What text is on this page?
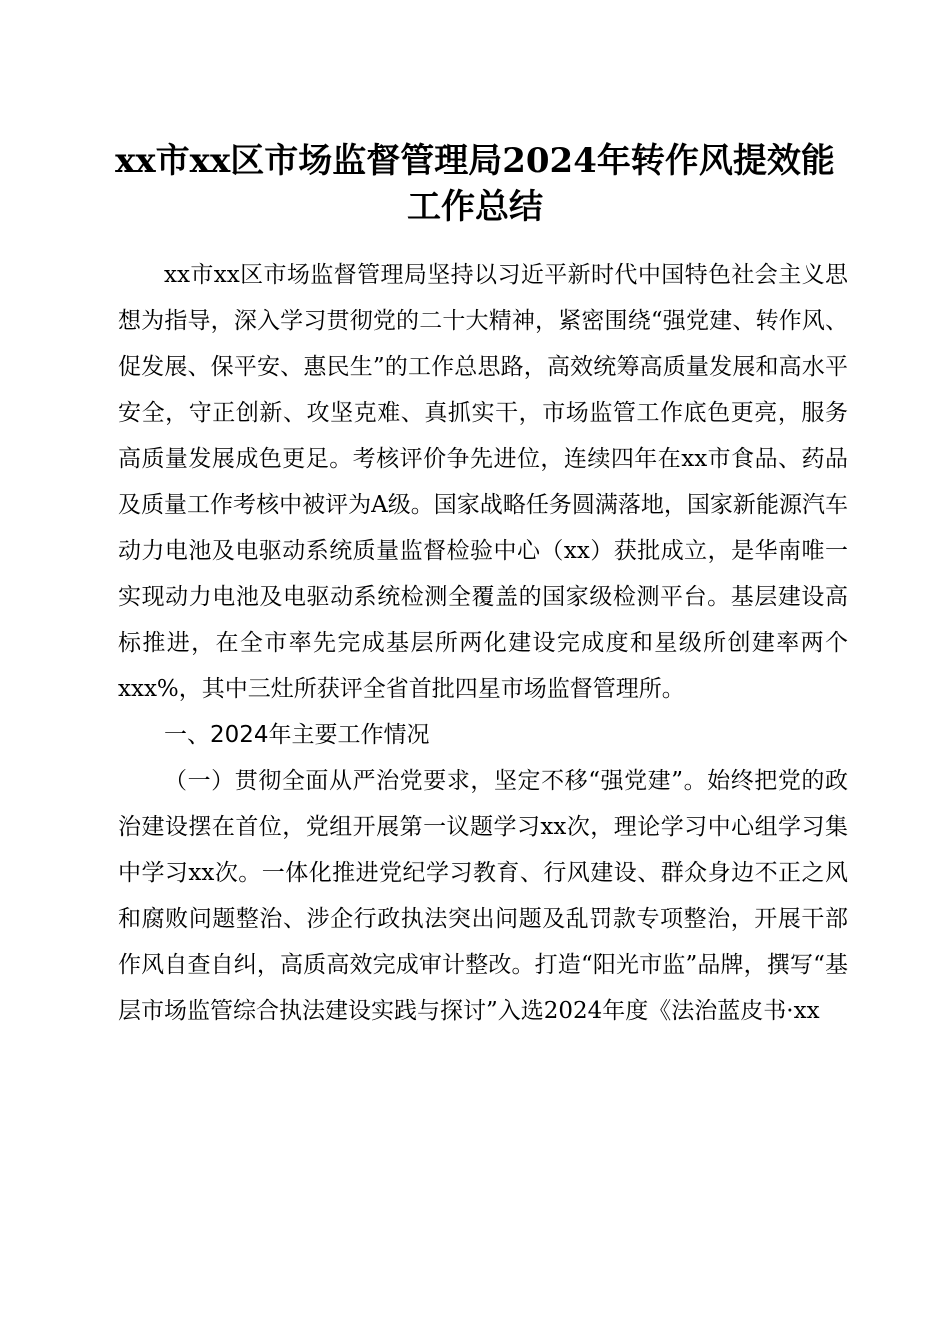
xx市xx区市场监督管理局2024年转作风提效能工作总结

xx市xx区市场监督管理局坚持以习近平新时代中国特色社会主义思想为指导，深入学习贯彻党的二十大精神，紧密围绕“强党建、转作风、促发展、保平安、惠民生”的工作总思路，高效统筹高质量发展和高水平安全，守正创新、攻坚克难、真抓实干，市场监管工作底色更亮，服务高质量发展成色更足。考核评价争先进位，连续四年在xx市食品、药品及质量工作考核中被评为A级。国家战略任务圆满落地，国家新能源汽车动力电池及电驱动系统质量监督检验中心（xx）获批成立，是华南唯一实现动力电池及电驱动系统检测全覆盖的国家级检测平台。基层建设高标推进，在全市率先完成基层所两化建设完成度和星级所创建率两个xxx%，其中三灶所获评全省首批四星市场监督管理所。

一、2024年主要工作情况

（一）贯彻全面从严治党要求，坚定不移“强党建”。始终把党的政治建设摆在首位，党组开展第一议题学习xx次，理论学习中心组学习集中学习xx次。一体化推进党纪学习教育、行风建设、群众身边不正之风和腐败问题整治、涉企行政执法突出问题及乱罚款专项整治，开展干部作风自查自纠，高质高效完成审计整改。打造“阳光市监”品牌，撰写“基层市场监管综合执法建设实践与探讨”入选2024年度《法治蓝皮书·xx
